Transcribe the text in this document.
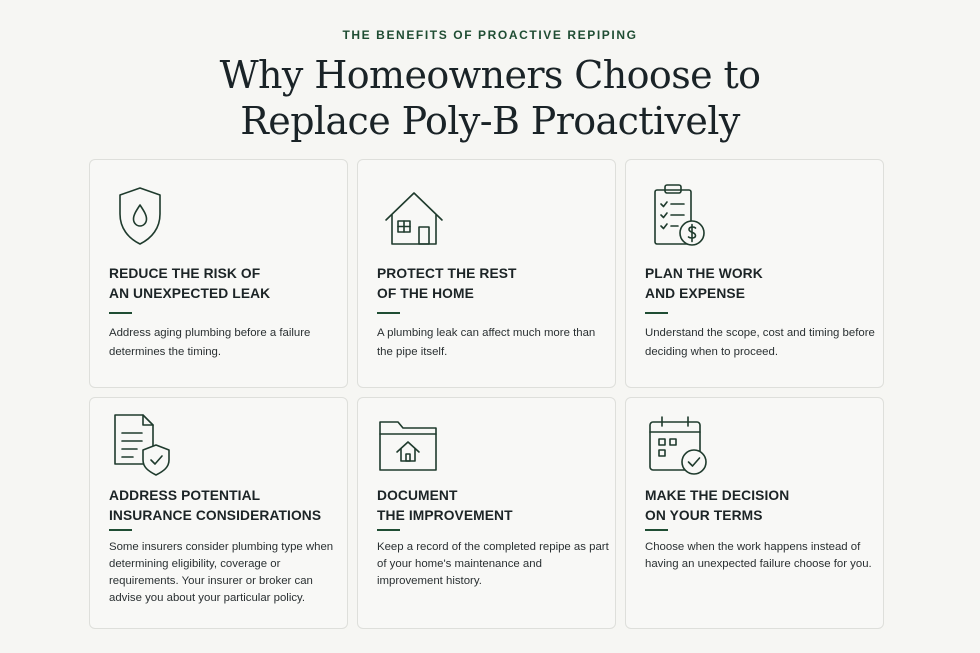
THE BENEFITS OF PROACTIVE REPIPING
Why Homeowners Choose to
Replace Poly-B Proactively
REDUCE THE RISK OF
AN UNEXPECTED LEAK
Address aging plumbing before a failure determines the timing.
PROTECT THE REST
OF THE HOME
A plumbing leak can affect much more than the pipe itself.
PLAN THE WORK
AND EXPENSE
Understand the scope, cost and timing before deciding when to proceed.
ADDRESS POTENTIAL
INSURANCE CONSIDERATIONS
Some insurers consider plumbing type when determining eligibility, coverage or requirements. Your insurer or broker can advise you about your particular policy.
DOCUMENT
THE IMPROVEMENT
Keep a record of the completed repipe as part of your home's maintenance and improvement history.
MAKE THE DECISION
ON YOUR TERMS
Choose when the work happens instead of having an unexpected failure choose for you.
